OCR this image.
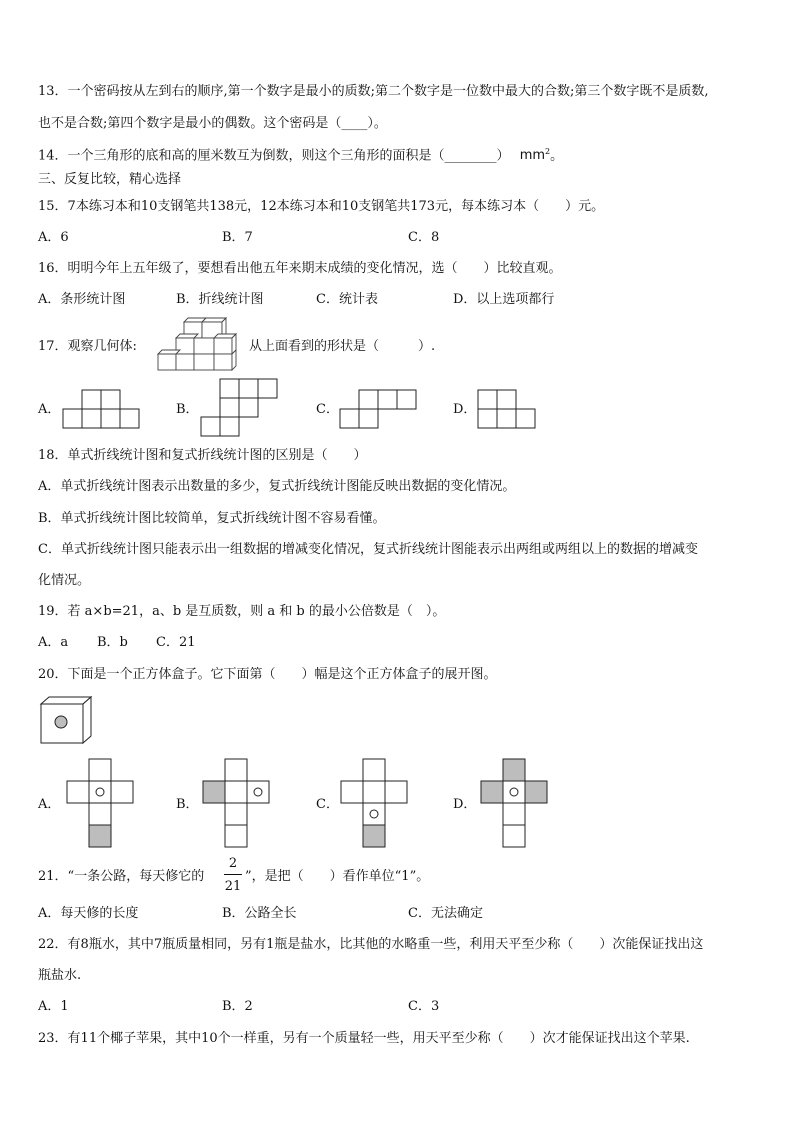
13．一个密码按从左到右的顺序,第一个数字是最小的质数;第二个数字是一位数中最大的合数;第三个数字既不是质数,
也不是合数;第四个数字是最小的偶数。这个密码是（____）。
14．一个三角形的底和高的厘米数互为倒数，则这个三角形的面积是（________） $mm^2$。
三、反复比较，精心选择
15．7本练习本和10支钢笔共138元，12本练习本和10支钢笔共173元，每本练习本（　　）元。
A．6	B．7	C．8
16．明明今年上五年级了，要想看出他五年来期末成绩的变化情况，选（　　）比较直观。
A．条形统计图	B．折线统计图	C．统计表	D．以上选项都行
17．观察几何体:	从上面看到的形状是（　　　）.
A．	B．	C．	D．
18．单式折线统计图和复式折线统计图的区别是（　　）
A．单式折线统计图表示出数量的多少，复式折线统计图能反映出数据的变化情况。
B．单式折线统计图比较简单，复式折线统计图不容易看懂。
C．单式折线统计图只能表示出一组数据的增减变化情况，复式折线统计图能表示出两组或两组以上的数据的增减变
化情况。
19．若 a×b=21，a、b 是互质数，则 a 和 b 的最小公倍数是（　）。
A．a B．b C．21
20．下面是一个正方体盒子。它下面第（　　）幅是这个正方体盒子的展开图。
A．	B．	C．	D．
21．“一条公路，每天修它的
2
21
”，是把（　　）看作单位“1”。
A．每天修的长度	B．公路全长	C．无法确定
22．有8瓶水，其中7瓶质量相同，另有1瓶是盐水，比其他的水略重一些，利用天平至少称（　　）次能保证找出这
瓶盐水.
A．1	B．2	C．3
23．有11个椰子苹果，其中10个一样重，另有一个质量轻一些，用天平至少称（　　）次才能保证找出这个苹果.
